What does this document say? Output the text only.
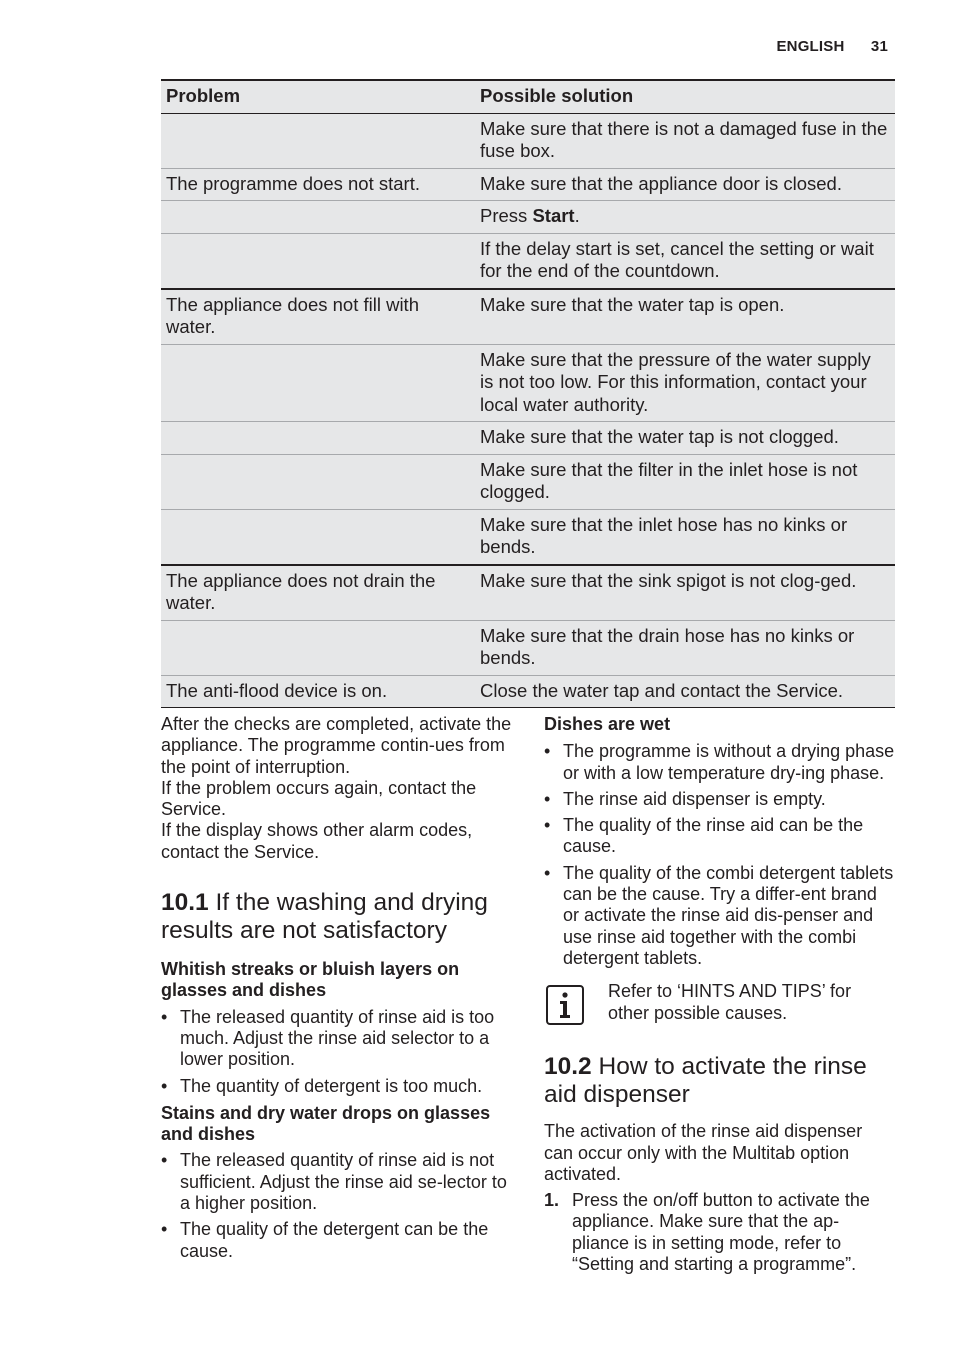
ENGLISH 31
Problem	Possible solution
	Make sure that there is not a damaged fuse in the fuse box.
The programme does not start.	Make sure that the appliance door is closed.
	Press Start.
	If the delay start is set, cancel the setting or wait for the end of the countdown.
The appliance does not fill with water.	Make sure that the water tap is open.
	Make sure that the pressure of the water supply is not too low. For this information, contact your local water authority.
	Make sure that the water tap is not clogged.
	Make sure that the filter in the inlet hose is not clogged.
	Make sure that the inlet hose has no kinks or bends.
The appliance does not drain the water.	Make sure that the sink spigot is not clog-ged.
	Make sure that the drain hose has no kinks or bends.
The anti-flood device is on.	Close the water tap and contact the Service.

After the checks are completed, activate the appliance. The programme contin-ues from the point of interruption.

If the problem occurs again, contact the Service.

If the display shows other alarm codes, contact the Service.

10.1 If the washing and drying results are not satisfactory
Whitish streaks or bluish layers on glasses and dishes
• The released quantity of rinse aid is too much. Adjust the rinse aid selector to a lower position.
• The quantity of detergent is too much.
Stains and dry water drops on glasses and dishes
• The released quantity of rinse aid is not sufficient. Adjust the rinse aid se-lector to a higher position.
• The quality of the detergent can be the cause.
Dishes are wet
• The programme is without a drying phase or with a low temperature dry-ing phase.
• The rinse aid dispenser is empty.
• The quality of the rinse aid can be the cause.
• The quality of the combi detergent tablets can be the cause. Try a differ-ent brand or activate the rinse aid dis-penser and use rinse aid together with the combi detergent tablets.
Refer to ‘HINTS AND TIPS’ for other possible causes.
10.2 How to activate the rinse aid dispenser

The activation of the rinse aid dispenser can occur only with the Multitab option activated.

1. Press the on/off button to activate the appliance. Make sure that the ap-pliance is in setting mode, refer to “Setting and starting a programme”.
